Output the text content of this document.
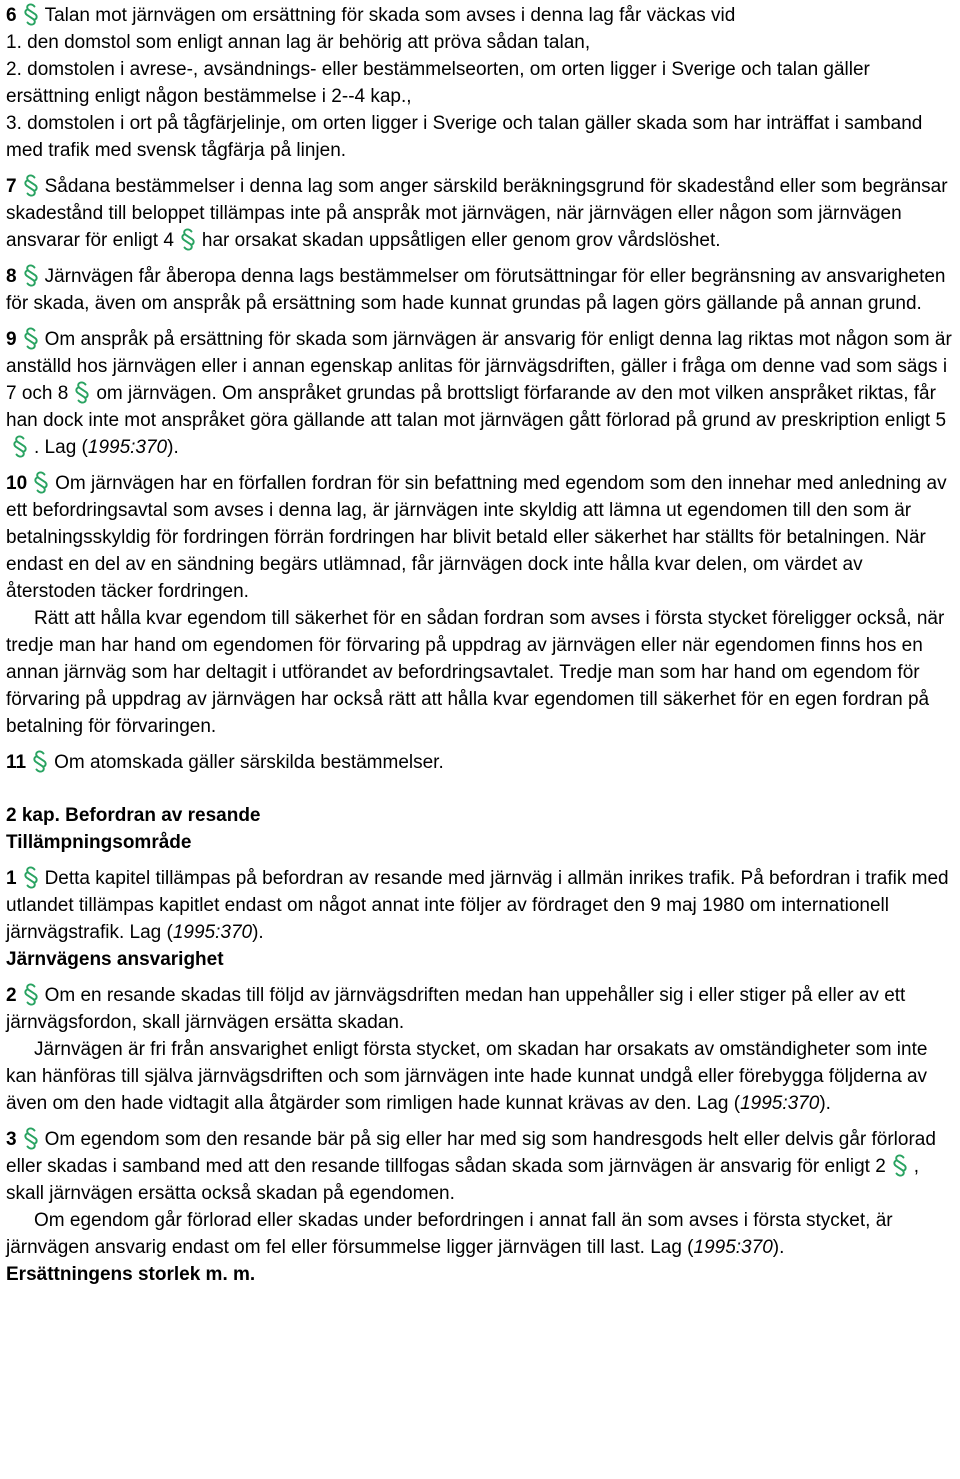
6 Talan mot järnvägen om ersättning för skada som avses i denna lag får väckas vid

1. den domstol som enligt annan lag är behörig att pröva sådan talan,

2. domstolen i avrese-, avsändnings- eller bestämmelseorten, om orten ligger i Sverige och talan gäller ersättning enligt någon bestämmelse i 2--4 kap.,

3. domstolen i ort på tågfärjelinje, om orten ligger i Sverige och talan gäller skada som har inträffat i samband med trafik med svensk tågfärja på linjen.

7 Sådana bestämmelser i denna lag som anger särskild beräkningsgrund för skadestånd eller som begränsar skadestånd till beloppet tillämpas inte på anspråk mot järnvägen, när järnvägen eller någon som järnvägen ansvarar för enligt 4 har orsakat skadan uppsåtligen eller genom grov vårdslöshet.

8 Järnvägen får åberopa denna lags bestämmelser om förutsättningar för eller begränsning av ansvarigheten för skada, även om anspråk på ersättning som hade kunnat grundas på lagen görs gällande på annan grund.

9 Om anspråk på ersättning för skada som järnvägen är ansvarig för enligt denna lag riktas mot någon som är anställd hos järnvägen eller i annan egenskap anlitas för järnvägsdriften, gäller i fråga om denne vad som sägs i 7 och 8 om järnvägen. Om anspråket grundas på brottsligt förfarande av den mot vilken anspråket riktas, får han dock inte mot anspråket göra gällande att talan mot järnvägen gått förlorad på grund av preskription enligt 5
. Lag (1995:370).

10 Om järnvägen har en förfallen fordran för sin befattning med egendom som den innehar med anledning av ett befordringsavtal som avses i denna lag, är järnvägen inte skyldig att lämna ut egendomen till den som är betalningsskyldig för fordringen förrän fordringen har blivit betald eller säkerhet har ställts för betalningen. När endast en del av en sändning begärs utlämnad, får järnvägen dock inte hålla kvar delen, om värdet av återstoden täcker fordringen.

Rätt att hålla kvar egendom till säkerhet för en sådan fordran som avses i första stycket föreligger också, när tredje man har hand om egendomen för förvaring på uppdrag av järnvägen eller när egendomen finns hos en annan järnväg som har deltagit i utförandet av befordringsavtalet. Tredje man som har hand om egendom för förvaring på uppdrag av järnvägen har också rätt att hålla kvar egendomen till säkerhet för en egen fordran på betalning för förvaringen.

11 Om atomskada gäller särskilda bestämmelser.

2 kap. Befordran av resande

Tillämpningsområde

1 Detta kapitel tillämpas på befordran av resande med järnväg i allmän inrikes trafik. På befordran i trafik med utlandet tillämpas kapitlet endast om något annat inte följer av fördraget den 9 maj 1980 om internationell järnvägstrafik. Lag (1995:370).

Järnvägens ansvarighet

2 Om en resande skadas till följd av järnvägsdriften medan han uppehåller sig i eller stiger på eller av ett järnvägsfordon, skall järnvägen ersätta skadan.

Järnvägen är fri från ansvarighet enligt första stycket, om skadan har orsakats av omständigheter som inte kan hänföras till själva järnvägsdriften och som järnvägen inte hade kunnat undgå eller förebygga följderna av även om den hade vidtagit alla åtgärder som rimligen hade kunnat krävas av den. Lag (1995:370).

3 Om egendom som den resande bär på sig eller har med sig som handresgods helt eller delvis går förlorad eller skadas i samband med att den resande tillfogas sådan skada som järnvägen är ansvarig för enligt 2 , skall järnvägen ersätta också skadan på egendomen.

Om egendom går förlorad eller skadas under befordringen i annat fall än som avses i första stycket, är järnvägen ansvarig endast om fel eller försummelse ligger järnvägen till last. Lag (1995:370).

Ersättningens storlek m. m.
